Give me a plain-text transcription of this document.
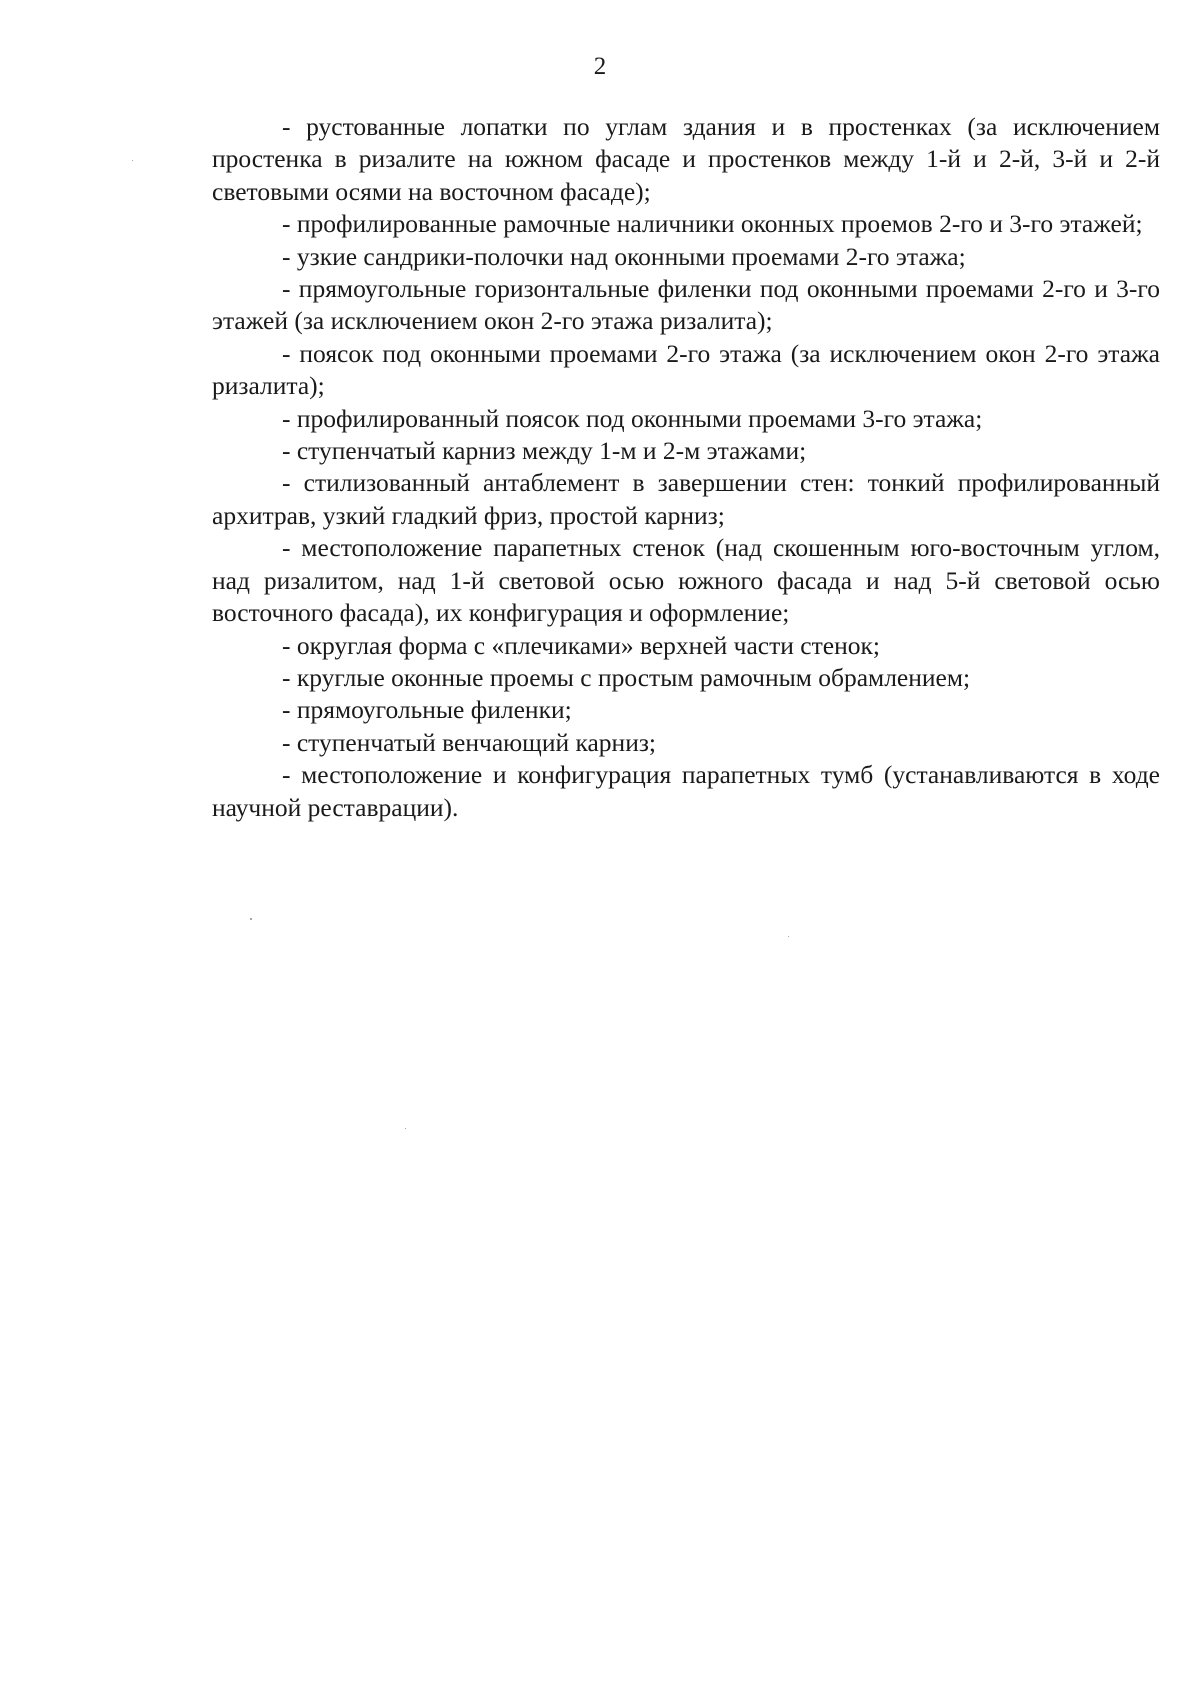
2

- рустованные лопатки по углам здания и в простенках (за исключением простенка в ризалите на южном фасаде и простенков между 1-й и 2-й, 3-й и 2-й световыми осями на восточном фасаде);

- профилированные рамочные наличники оконных проемов 2-го и 3-го этажей;

- узкие сандрики-полочки над оконными проемами 2-го этажа;

- прямоугольные горизонтальные филенки под оконными проемами 2-го и 3-го этажей (за исключением окон 2-го этажа ризалита);

- поясок под оконными проемами 2-го этажа (за исключением окон 2-го этажа ризалита);

- профилированный поясок под оконными проемами 3-го этажа;

- ступенчатый карниз между 1-м и 2-м этажами;

- стилизованный антаблемент в завершении стен: тонкий профилированный архитрав, узкий гладкий фриз, простой карниз;

- местоположение парапетных стенок (над скошенным юго-восточным углом, над ризалитом, над 1-й световой осью южного фасада и над 5-й световой осью восточного фасада), их конфигурация и оформление;

- округлая форма с «плечиками» верхней части стенок;

- круглые оконные проемы с простым рамочным обрамлением;

- прямоугольные филенки;

- ступенчатый венчающий карниз;

- местоположение и конфигурация парапетных тумб (устанавливаются в ходе научной реставрации).
